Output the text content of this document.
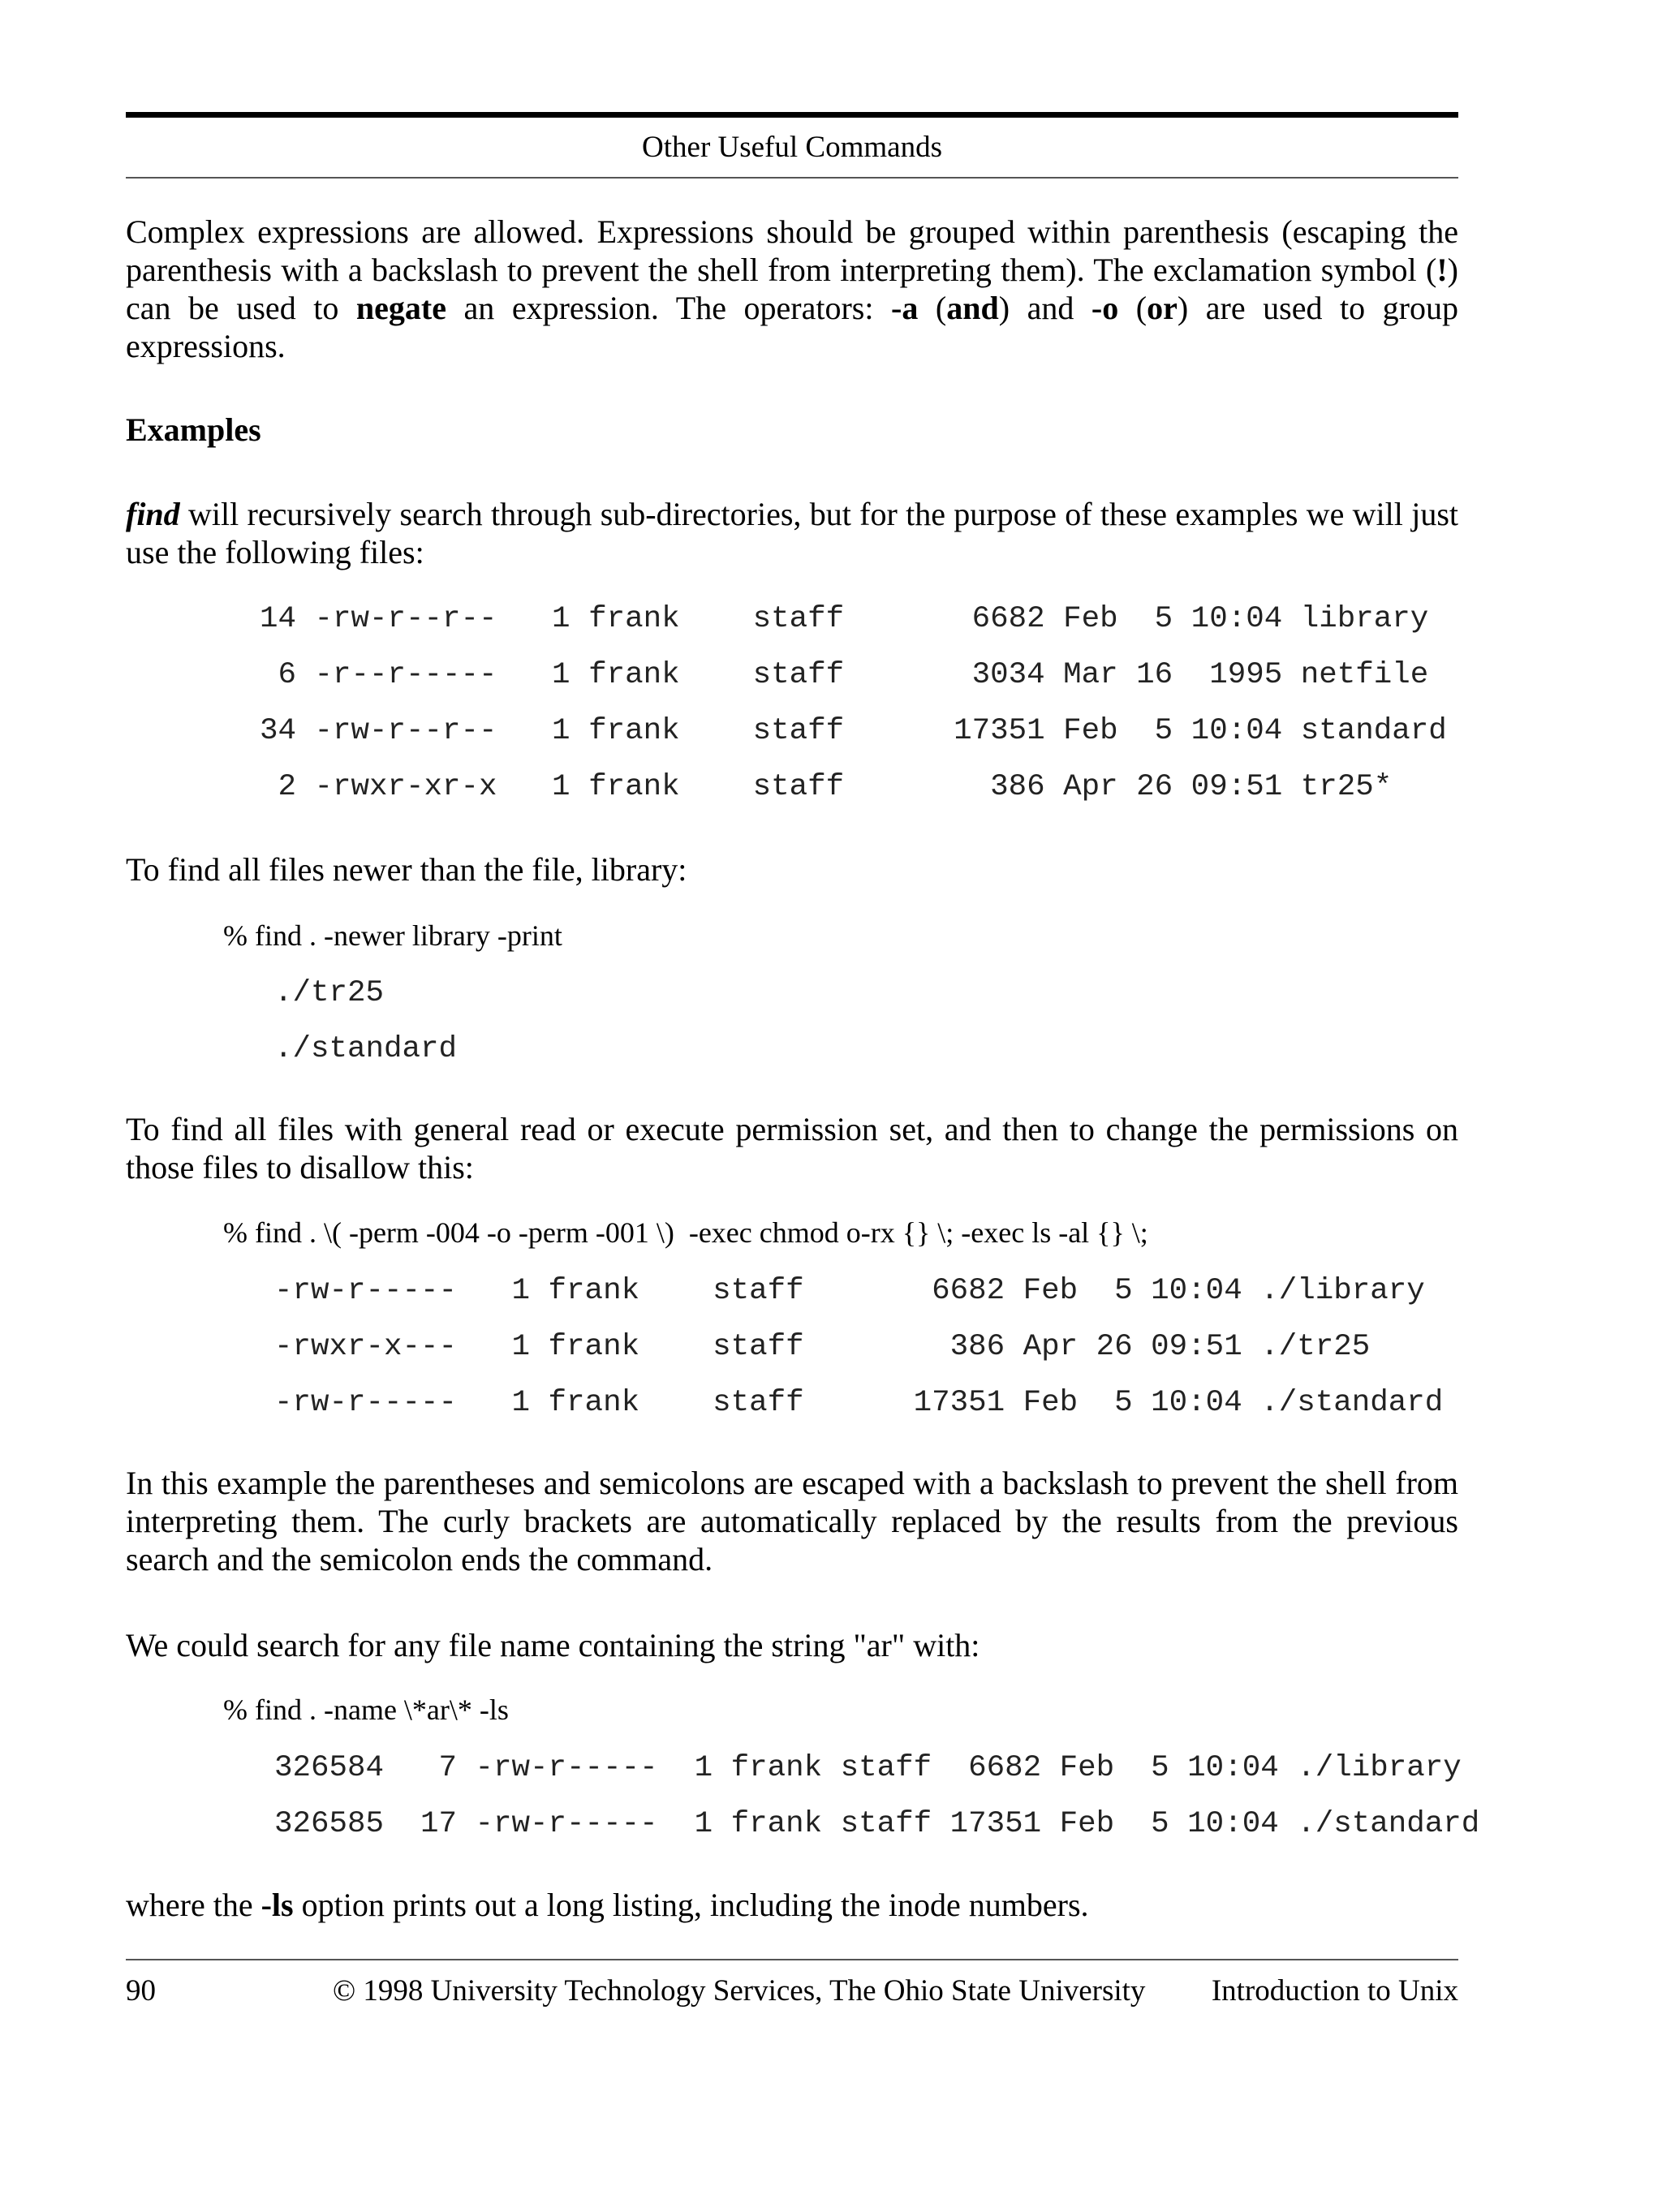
Other Useful Commands
Complex expressions are allowed. Expressions should be grouped within parenthesis (escaping the parenthesis with a backslash to prevent the shell from interpreting them). The exclamation symbol (!) can be used to negate an expression. The operators: -a (and) and -o (or) are used to group expressions.
Examples
find will recursively search through sub-directories, but for the purpose of these examples we will just use the following files:
14 -rw-r--r--   1 frank    staff       6682 Feb  5 10:04 library
6 -r--r-----   1 frank    staff       3034 Mar 16  1995 netfile
34 -rw-r--r--   1 frank    staff      17351 Feb  5 10:04 standard
2 -rwxr-xr-x   1 frank    staff        386 Apr 26 09:51 tr25*
To find all files newer than the file, library:
% find . -newer library -print
./tr25
./standard
To find all files with general read or execute permission set, and then to change the permissions on those files to disallow this:
% find . \( -perm -004 -o -perm -001 \)  -exec chmod o-rx {} \; -exec ls -al {} \;
-rw-r-----   1 frank    staff       6682 Feb  5 10:04 ./library
-rwxr-x---   1 frank    staff        386 Apr 26 09:51 ./tr25
-rw-r-----   1 frank    staff      17351 Feb  5 10:04 ./standard
In this example the parentheses and semicolons are escaped with a backslash to prevent the shell from interpreting them. The curly brackets are automatically replaced by the results from the previous search and the semicolon ends the command.
We could search for any file name containing the string "ar" with:
% find . -name \*ar\* -ls
326584   7 -rw-r-----  1 frank staff  6682 Feb  5 10:04 ./library
326585  17 -rw-r-----  1 frank staff 17351 Feb  5 10:04 ./standard
where the -ls option prints out a long listing, including the inode numbers.
90	© 1998 University Technology Services, The Ohio State University Introduction to Unix
